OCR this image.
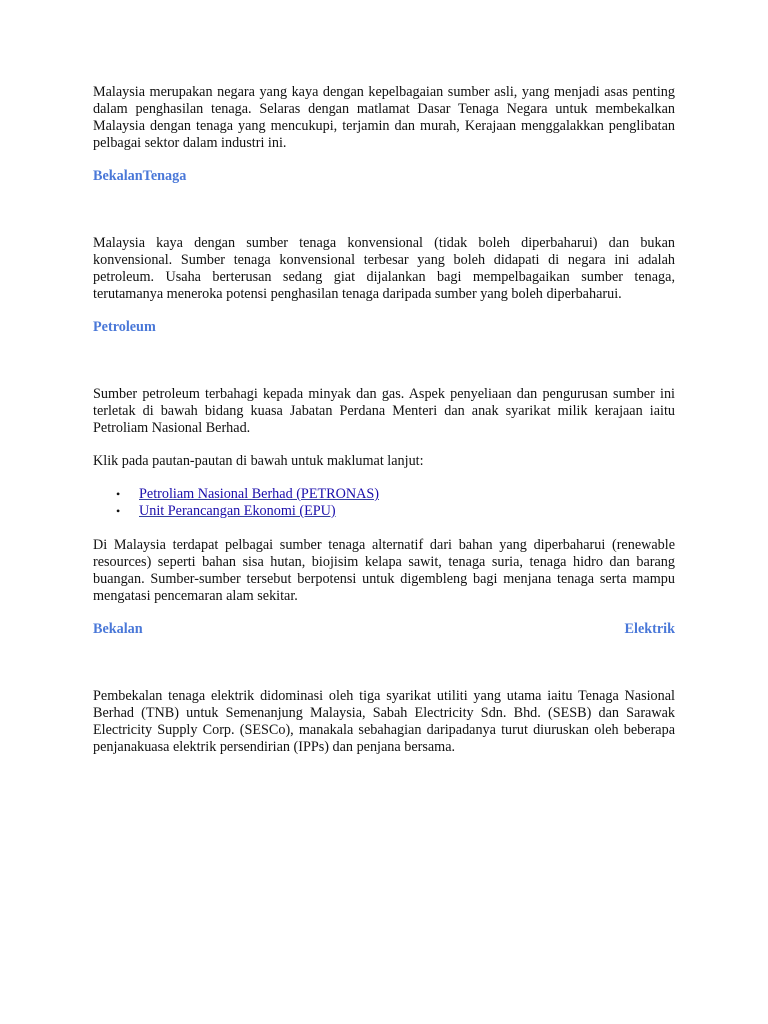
Malaysia merupakan negara yang kaya dengan kepelbagaian sumber asli, yang menjadi asas penting dalam penghasilan tenaga. Selaras dengan matlamat Dasar Tenaga Negara untuk membekalkan Malaysia dengan tenaga yang mencukupi, terjamin dan murah, Kerajaan menggalakkan penglibatan pelbagai sektor dalam industri ini.

BekalanTenaga

Malaysia kaya dengan sumber tenaga konvensional (tidak boleh diperbaharui) dan bukan konvensional. Sumber tenaga konvensional terbesar yang boleh didapati di negara ini adalah petroleum. Usaha berterusan sedang giat dijalankan bagi mempelbagaikan sumber tenaga, terutamanya meneroka potensi penghasilan tenaga daripada sumber yang boleh diperbaharui.

Petroleum

Sumber petroleum terbahagi kepada minyak dan gas. Aspek penyeliaan dan pengurusan sumber ini terletak di bawah bidang kuasa Jabatan Perdana Menteri dan anak syarikat milik kerajaan iaitu Petroliam Nasional Berhad.

Klik pada pautan-pautan di bawah untuk maklumat lanjut:

• Petroliam Nasional Berhad (PETRONAS)
• Unit Perancangan Ekonomi (EPU)

Di Malaysia terdapat pelbagai sumber tenaga alternatif dari bahan yang diperbaharui (renewable resources) seperti bahan sisa hutan, biojisim kelapa sawit, tenaga suria, tenaga hidro dan barang buangan. Sumber-sumber tersebut berpotensi untuk digembleng bagi menjana tenaga serta mampu mengatasi pencemaran alam sekitar.

Bekalan	Elektrik

Pembekalan tenaga elektrik didominasi oleh tiga syarikat utiliti yang utama iaitu Tenaga Nasional Berhad (TNB) untuk Semenanjung Malaysia, Sabah Electricity Sdn. Bhd. (SESB) dan Sarawak Electricity Supply Corp. (SESCo), manakala sebahagian daripadanya turut diuruskan oleh beberapa penjanakuasa elektrik persendirian (IPPs) dan penjana bersama.
